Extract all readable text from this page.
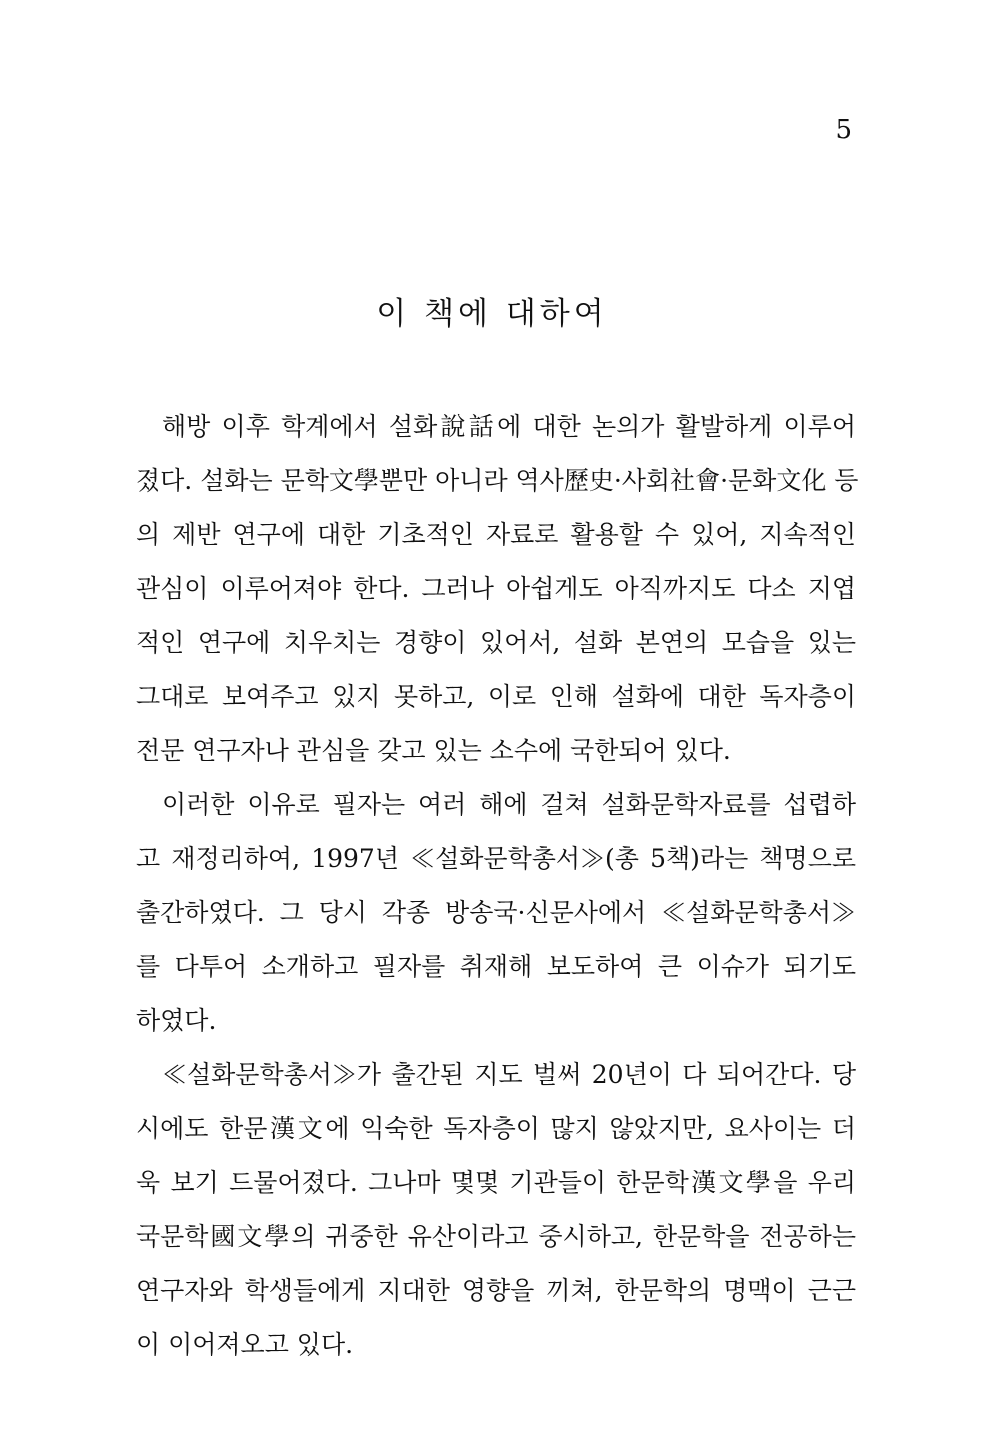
5
이 책에 대하여
해방 이후 학계에서 설화說話에 대한 논의가 활발하게 이루어
졌다. 설화는 문학文學뿐만 아니라 역사歷史·사회社會·문화文化 등
의 제반 연구에 대한 기초적인 자료로 활용할 수 있어, 지속적인
관심이 이루어져야 한다. 그러나 아쉽게도 아직까지도 다소 지엽
적인 연구에 치우치는 경향이 있어서, 설화 본연의 모습을 있는
그대로 보여주고 있지 못하고, 이로 인해 설화에 대한 독자층이
전문 연구자나 관심을 갖고 있는 소수에 국한되어 있다.
이러한 이유로 필자는 여러 해에 걸쳐 설화문학자료를 섭렵하
고 재정리하여, 1997년 ≪설화문학총서≫(총 5책)라는 책명으로
출간하였다. 그 당시 각종 방송국·신문사에서 ≪설화문학총서≫
를 다투어 소개하고 필자를 취재해 보도하여 큰 이슈가 되기도
하였다.
≪설화문학총서≫가 출간된 지도 벌써 20년이 다 되어간다. 당
시에도 한문漢文에 익숙한 독자층이 많지 않았지만, 요사이는 더
욱 보기 드물어졌다. 그나마 몇몇 기관들이 한문학漢文學을 우리
국문학國文學의 귀중한 유산이라고 중시하고, 한문학을 전공하는
연구자와 학생들에게 지대한 영향을 끼쳐, 한문학의 명맥이 근근
이 이어져오고 있다.
